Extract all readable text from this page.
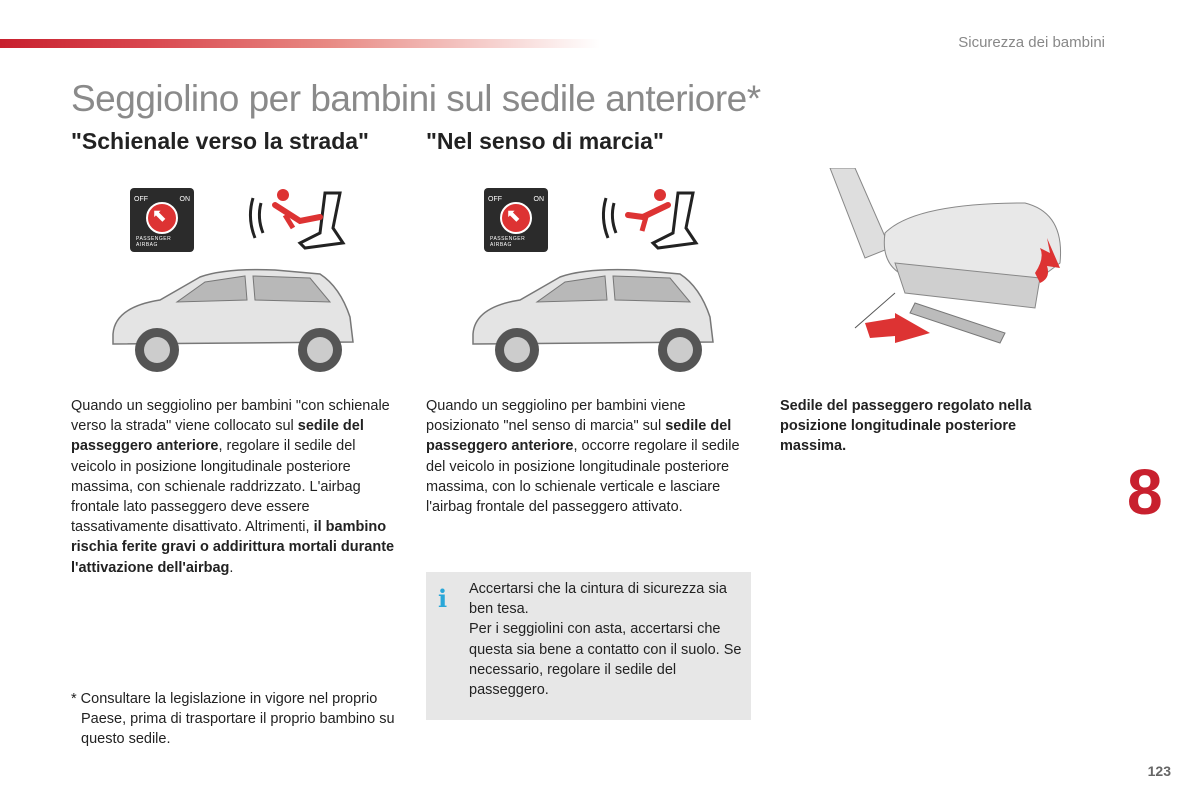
Sicurezza dei bambini
Seggiolino per bambini sul sedile anteriore*
"Schienale verso la strada" "Nel senso di marcia"
OFF	ON
⬆
PASSENGER AIRBAG
OFF	ON
⬆
PASSENGER AIRBAG

Quando un seggiolino per bambini "con schienale verso la strada" viene collocato sul sedile del passeggero anteriore, regolare il sedile del veicolo in posizione longitudinale posteriore massima, con schienale raddrizzato. L'airbag frontale lato passeggero deve essere tassativamente disattivato. Altrimenti, il bambino rischia ferite gravi o addirittura mortali durante l'attivazione dell'airbag.

Quando un seggiolino per bambini viene posizionato "nel senso di marcia" sul sedile del passeggero anteriore, occorre regolare il sedile del veicolo in posizione longitudinale posteriore massima, con lo schienale verticale e lasciare l'airbag frontale del passeggero attivato.

Sedile del passeggero regolato nella posizione longitudinale posteriore massima.

i Accertarsi che la cintura di sicurezza sia ben tesa.
Per i seggiolini con asta, accertarsi che questa sia bene a contatto con il suolo. Se necessario, regolare il sedile del passeggero.

* Consultare la legislazione in vigore nel proprio Paese, prima di trasportare il proprio bambino su questo sedile.

8
123
